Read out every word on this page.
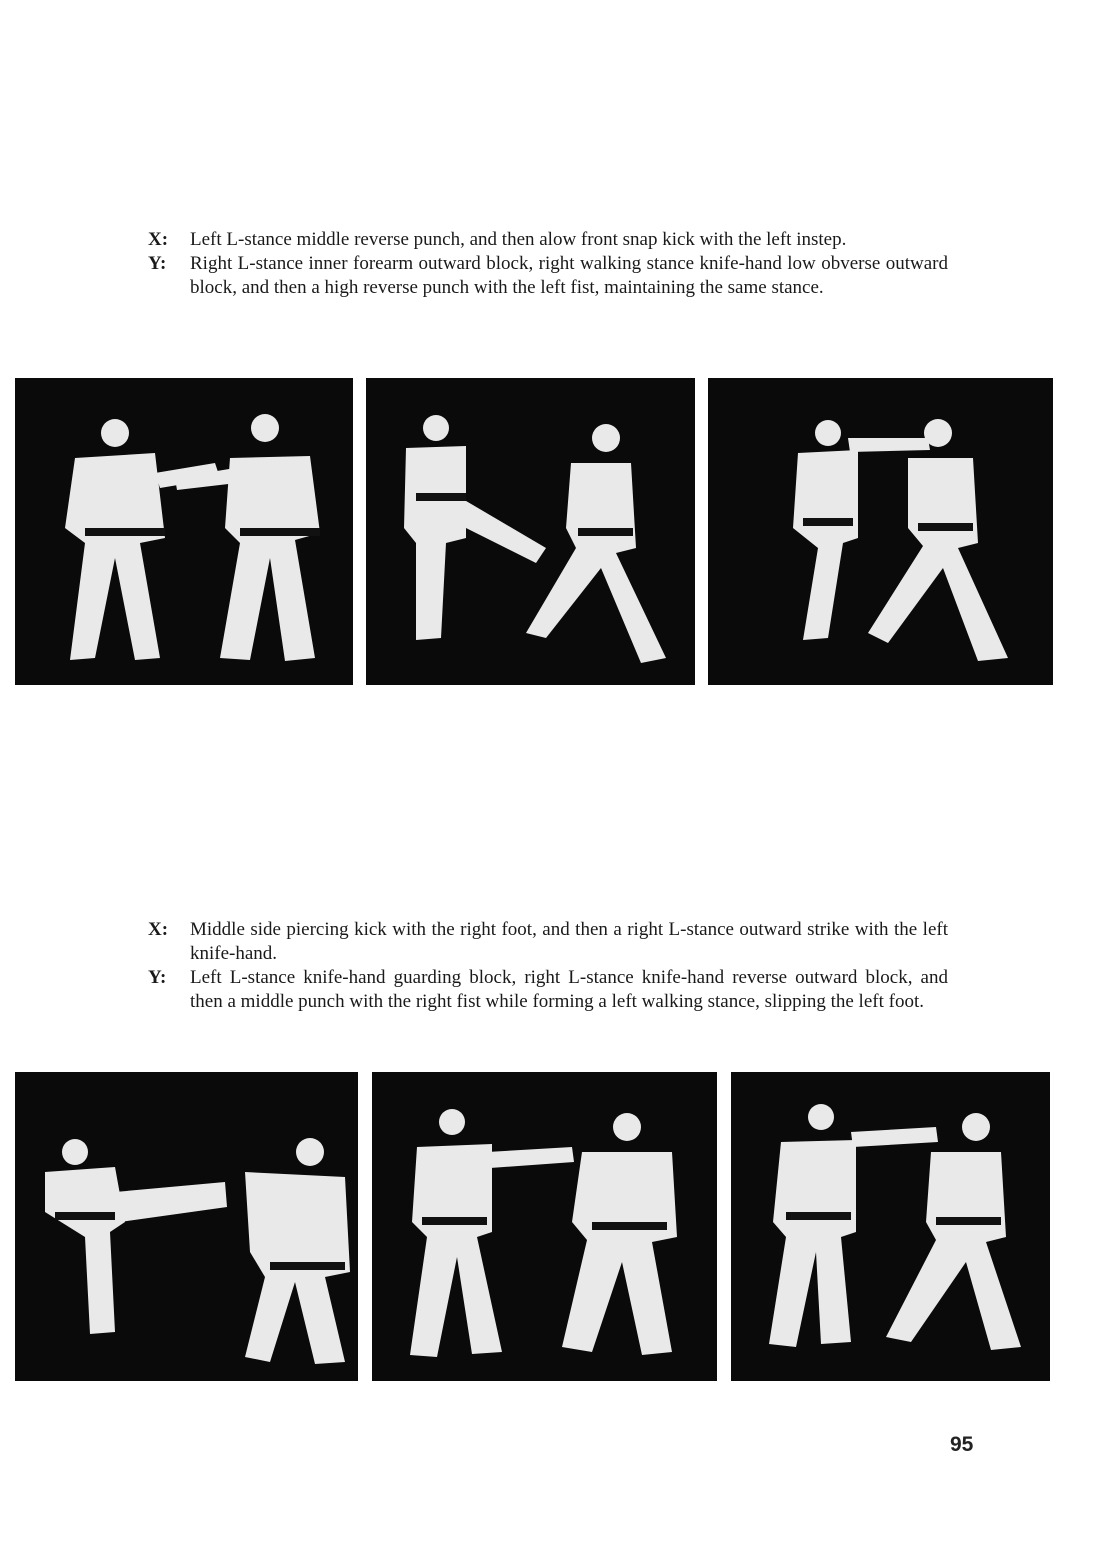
X:	Left L-stance middle reverse punch, and then alow front snap kick with the left instep.
Y:	Right L-stance inner forearm outward block, right walking stance knife-hand low obverse outward block, and then a high reverse punch with the left fist, maintaining the same stance.
X:	Middle side piercing kick with the right foot, and then a right L-stance outward strike with the left knife-hand.
Y:	Left L-stance knife-hand guarding block, right L-stance knife-hand reverse outward block, and then a middle punch with the right fist while forming a left walking stance, slipping the left foot.
95
